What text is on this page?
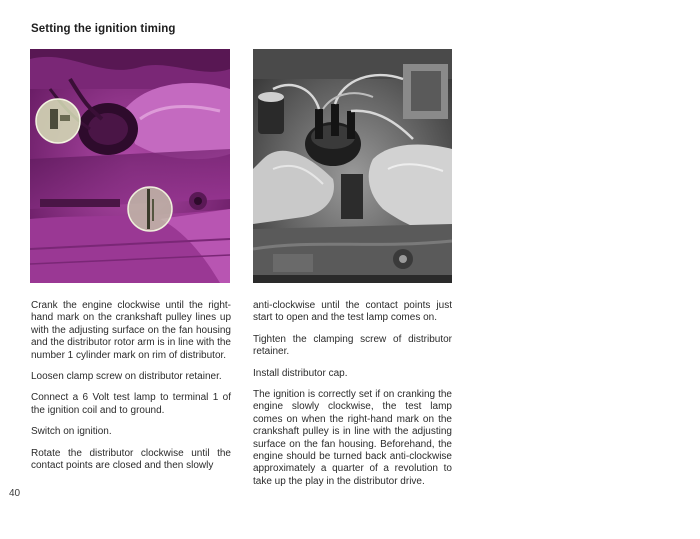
Setting the ignition timing

Crank the engine clockwise until the right-hand mark on the crankshaft pulley lines up with the adjusting surface on the fan housing and the distributor rotor arm is in line with the number 1 cylinder mark on rim of distributor.

Loosen clamp screw on distributor retainer.

Connect a 6 Volt test lamp to terminal 1 of the ignition coil and to ground.

Switch on ignition.

Rotate the distributor clockwise until the contact points are closed and then slowly

anti-clockwise until the contact points just start to open and the test lamp comes on.

Tighten the clamping screw of distributor retainer.

Install distributor cap.

The ignition is correctly set if on cranking the engine slowly clockwise, the test lamp comes on when the right-hand mark on the crankshaft pulley is in line with the adjusting surface on the fan housing. Beforehand, the engine should be turned back anti-clockwise approximately a quarter of a revolution to take up the play in the distributor drive.

40
